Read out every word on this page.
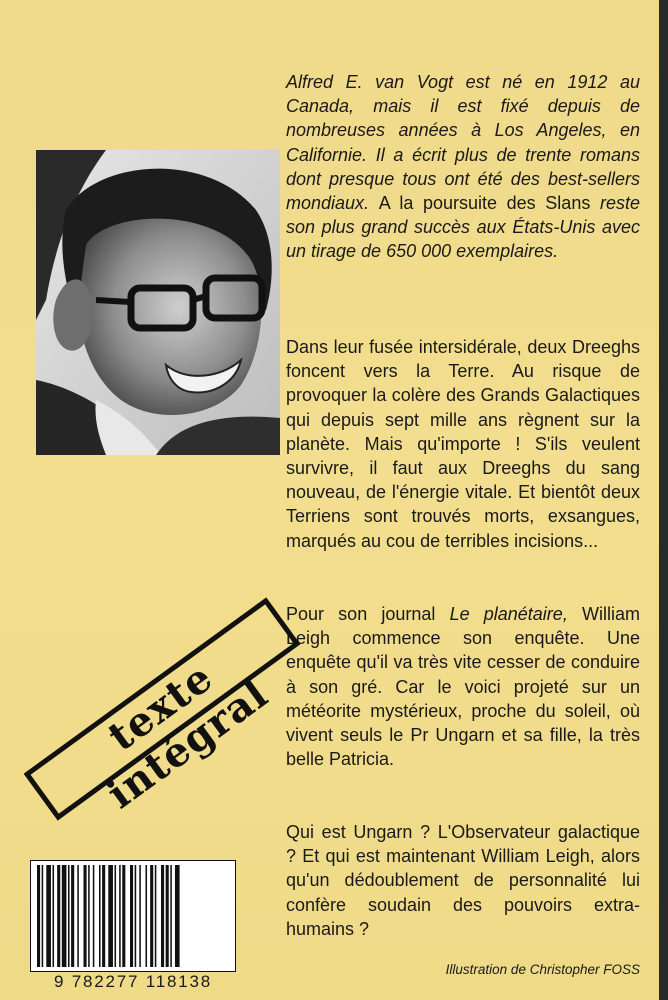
Alfred E. van Vogt est né en 1912 au Canada, mais il est fixé depuis de nombreuses années à Los Angeles, en Californie. Il a écrit plus de trente romans dont presque tous ont été des best-sellers mondiaux. A la poursuite des Slans reste son plus grand succès aux États-Unis avec un tirage de 650 000 exemplaires.

Dans leur fusée intersidérale, deux Dreeghs foncent vers la Terre. Au risque de provoquer la colère des Grands Galactiques qui depuis sept mille ans règnent sur la planète. Mais qu'importe ! S'ils veulent survivre, il faut aux Dreeghs du sang nouveau, de l'énergie vitale. Et bientôt deux Terriens sont trouvés morts, exsangues, marqués au cou de terribles incisions...

Pour son journal Le planétaire, William Leigh commence son enquête. Une enquête qu'il va très vite cesser de conduire à son gré. Car le voici projeté sur un météorite mystérieux, proche du soleil, où vivent seuls le Pr Ungarn et sa fille, la très belle Patricia.

Qui est Ungarn ? L'Observateur galactique ? Et qui est maintenant William Leigh, alors qu'un dédoublement de personnalité lui confère soudain des pouvoirs extra-humains ?

texte intégral
9 782277 118138
Illustration de Christopher FOSS
